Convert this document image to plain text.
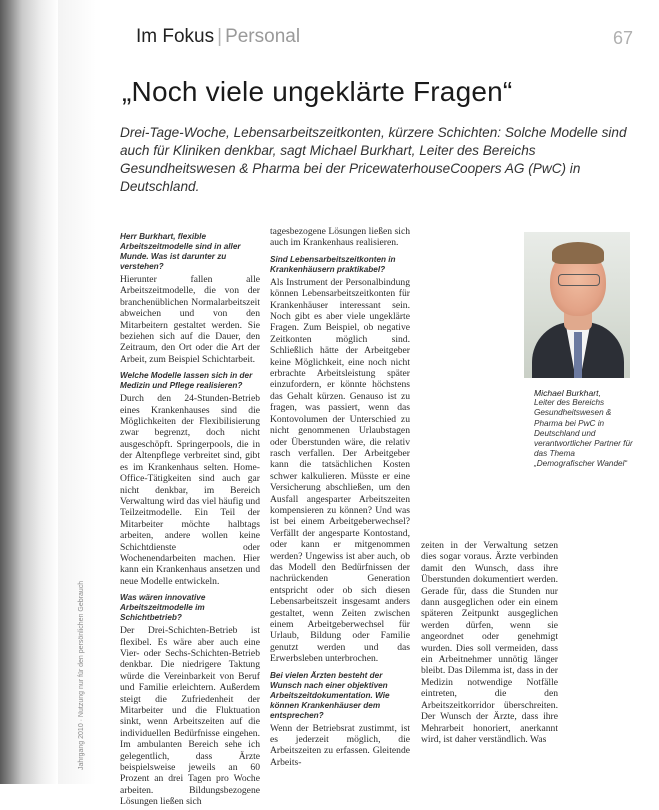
Jahrgang 2010 · Nutzung nur für den persönlichen Gebrauch
Im Fokus | Personal	67
„Noch viele ungeklärte Fragen“
Drei-Tage-Woche, Lebensarbeitszeitkonten, kürzere Schichten: Solche Modelle sind auch für Kliniken denkbar, sagt Michael Burkhart, Leiter des Bereichs Gesundheitswesen & Pharma bei der PricewaterhouseCoopers AG (PwC) in Deutschland.

Herr Burkhart, flexible Arbeitszeitmodelle sind in aller Munde. Was ist darunter zu verstehen?

Hierunter fallen alle Arbeitszeitmodelle, die von der branchenüblichen Normalarbeitszeit abweichen und von den Mitarbeitern gestaltet werden. Sie beziehen sich auf die Dauer, den Zeitraum, den Ort oder die Art der Arbeit, zum Beispiel Schichtarbeit.

Welche Modelle lassen sich in der Medizin und Pflege realisieren?

Durch den 24-Stunden-Betrieb eines Krankenhauses sind die Möglichkeiten der Flexibilisierung zwar begrenzt, doch nicht ausgeschöpft. Springerpools, die in der Altenpflege verbreitet sind, gibt es im Krankenhaus selten. Home-Office-Tätigkeiten sind auch gar nicht denkbar, im Bereich Verwaltung wird das viel häufig und Teilzeitmodelle. Ein Teil der Mitarbeiter möchte halbtags arbeiten, andere wollen keine Schichtdienste oder Wochenendarbeiten machen. Hier kann ein Krankenhaus ansetzen und neue Modelle entwickeln.

Was wären innovative Arbeitszeitmodelle im Schichtbetrieb?

Der Drei-Schichten-Betrieb ist flexibel. Es wäre aber auch eine Vier- oder Sechs-Schichten-Betrieb denkbar. Die niedrigere Taktung würde die Vereinbarkeit von Beruf und Familie erleichtern. Außerdem steigt die Zufriedenheit der Mitarbeiter und die Fluktuation sinkt, wenn Arbeitszeiten auf die individuellen Bedürfnisse eingehen. Im ambulanten Bereich sehe ich gelegentlich, dass Ärzte beispielsweise jeweils an 60 Prozent an drei Tagen pro Woche arbeiten. Bildungsbezogene Lösungen ließen sich

tagesbezogene Lösungen ließen sich auch im Krankenhaus realisieren.

Sind Lebensarbeitszeitkonten in Krankenhäusern praktikabel?

Als Instrument der Personalbindung können Lebensarbeitszeitkonten für Krankenhäuser interessant sein. Noch gibt es aber viele ungeklärte Fragen. Zum Beispiel, ob negative Zeitkonten möglich sind. Schließlich hätte der Arbeitgeber keine Möglichkeit, eine noch nicht erbrachte Arbeitsleistung später einzufordern, er könnte höchstens das Gehalt kürzen. Genauso ist zu fragen, was passiert, wenn das Kontovolumen der Unterschied zu nicht genommenen Urlaubstagen oder Überstunden wäre, die relativ rasch verfallen. Der Arbeitgeber kann die tatsächlichen Kosten schwer kalkulieren. Müsste er eine Versicherung abschließen, um den Ausfall angesparter Arbeitszeiten kompensieren zu können? Und was ist bei einem Arbeitgeberwechsel? Verfällt der angesparte Kontostand, oder kann er mitgenommen werden? Ungewiss ist aber auch, ob das Modell den Bedürfnissen der nachrückenden Generation entspricht oder ob sich diesen Lebensarbeitszeit insgesamt anders gestaltet, wenn Zeiten zwischen einem Arbeitgeberwechsel für Urlaub, Bildung oder Familie genutzt werden und das Erwerbsleben unterbrochen.

Bei vielen Ärzten besteht der Wunsch nach einer objektiven Arbeitszeitdokumentation. Wie können Krankenhäuser dem entsprechen?

Wenn der Betriebsrat zustimmt, ist es jederzeit möglich, die Arbeitszeiten zu erfassen. Gleitende Arbeits-

zeiten in der Verwaltung setzen dies sogar voraus. Ärzte verbinden damit den Wunsch, dass ihre Überstunden dokumentiert werden. Gerade für, dass die Stunden nur dann ausgeglichen oder ein einem späteren Zeitpunkt ausgeglichen werden dürfen, wenn sie angeordnet oder genehmigt wurden. Dies soll vermeiden, dass ein Arbeitnehmer unnötig länger bleibt. Das Dilemma ist, dass in der Medizin notwendige Notfälle eintreten, die den Arbeitszeitkorridor überschreiten. Der Wunsch der Ärzte, dass ihre Mehrarbeit honoriert, anerkannt wird, ist daher verständlich. Was

Michael Burkhart,
Leiter des Bereichs Gesundheitswesen & Pharma bei PwC in Deutschland und verantwortlicher Partner für das Thema „Demografischer Wandel“
